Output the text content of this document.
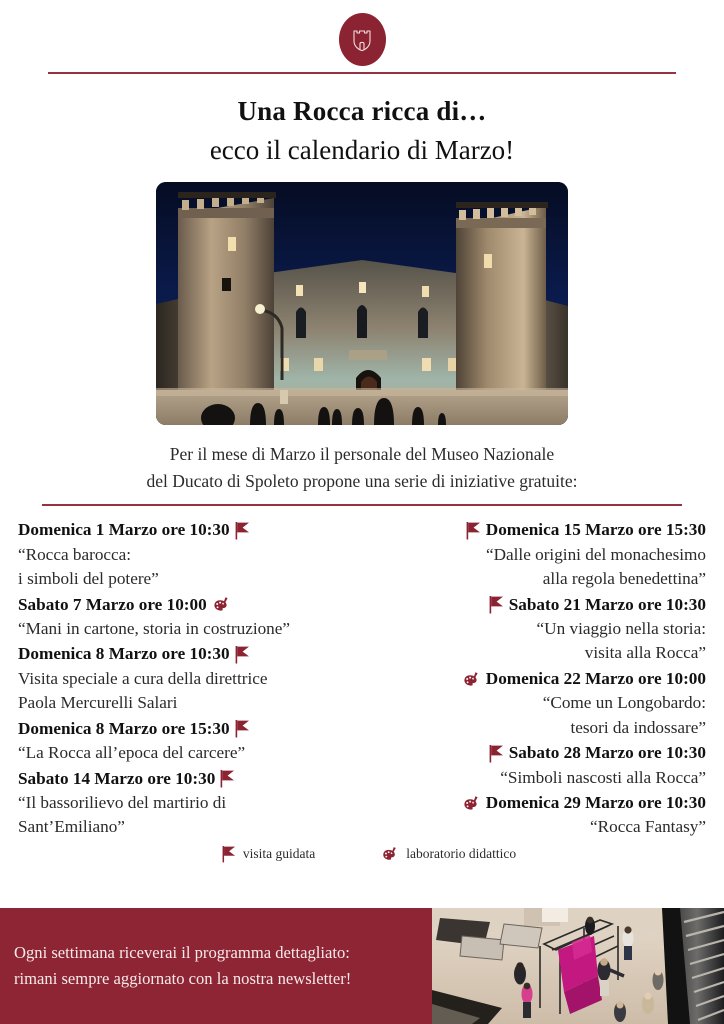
Una Rocca ricca di…
ecco il calendario di Marzo!
Per il mese di Marzo il personale del Museo Nazionale
del Ducato di Spoleto propone una serie di iniziative gratuite:
Domenica 1 Marzo ore 10:30
“Rocca barocca:
i simboli del potere”
Sabato 7 Marzo ore 10:00
“Mani in cartone, storia in costruzione”
Domenica 8 Marzo ore 10:30
Visita speciale a cura della direttrice
Paola Mercurelli Salari
Domenica 8 Marzo ore 15:30
“La Rocca all’epoca del carcere”
Sabato 14 Marzo ore 10:30
“Il bassorilievo del martirio di
Sant’Emiliano”
Domenica 15 Marzo ore 15:30
“Dalle origini del monachesimo
alla regola benedettina”
Sabato 21 Marzo ore 10:30
“Un viaggio nella storia:
visita alla Rocca”
Domenica 22 Marzo ore 10:00
“Come un Longobardo:
tesori da indossare”
Sabato 28 Marzo ore 10:30
“Simboli nascosti alla Rocca”
Domenica 29 Marzo ore 10:30
“Rocca Fantasy”
visita guidata	laboratorio didattico
Ogni settimana riceverai il programma dettagliato:
rimani sempre aggiornato con la nostra newsletter!
